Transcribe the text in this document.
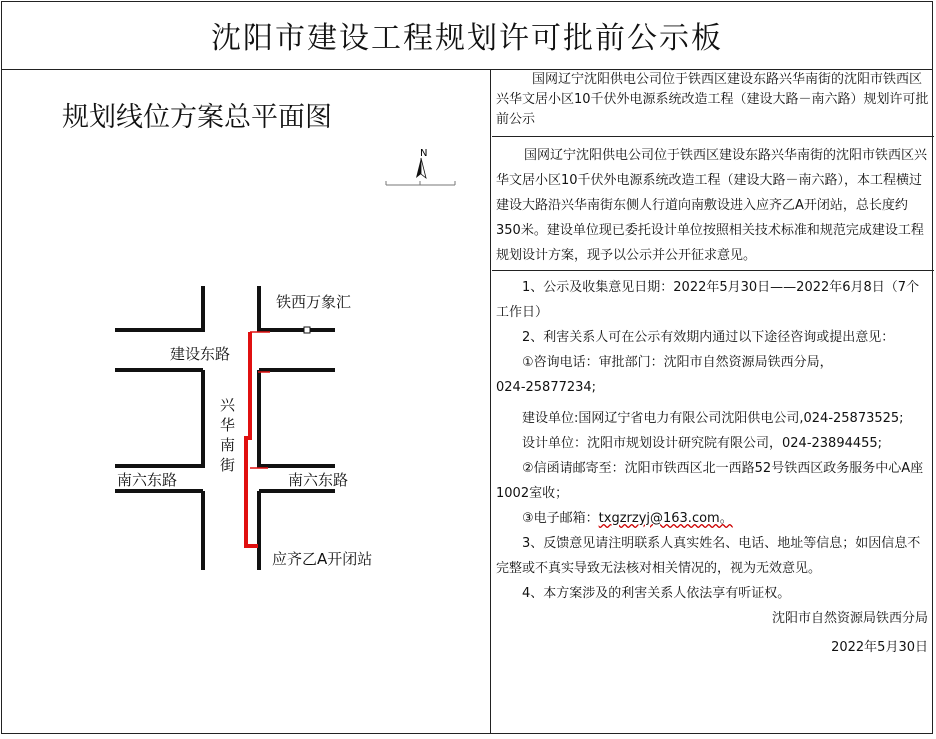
沈阳市建设工程规划许可批前公示板
规划线位方案总平面图
N
铁西万象汇
建设东路
兴
华
南
街
南六东路	南六东路
应齐乙A开闭站

国网辽宁沈阳供电公司位于铁西区建设东路兴华南街的沈阳市铁西区兴华文居小区10千伏外电源系统改造工程（建设大路－南六路）规划许可批前公示

国网辽宁沈阳供电公司位于铁西区建设东路兴华南街的沈阳市铁西区兴华文居小区10千伏外电源系统改造工程（建设大路－南六路），本工程横过建设大路沿兴华南街东侧人行道向南敷设进入应齐乙A开闭站，总长度约350米。建设单位现已委托设计单位按照相关技术标准和规范完成建设工程规划设计方案，现予以公示并公开征求意见。

1、公示及收集意见日期：2022年5月30日——2022年6月8日（7个工作日）

2、利害关系人可在公示有效期内通过以下途径咨询或提出意见：

①咨询电话：审批部门：沈阳市自然资源局铁西分局，

024-25877234;

建设单位:国网辽宁省电力有限公司沈阳供电公司,024-25873525;

设计单位：沈阳市规划设计研究院有限公司，024-23894455;

②信函请邮寄至：沈阳市铁西区北一西路52号铁西区政务服务中心A座1002室收；

③电子邮箱：txgzrzyj@163.com。

3、反馈意见请注明联系人真实姓名、电话、地址等信息；如因信息不完整或不真实导致无法核对相关情况的，视为无效意见。

4、本方案涉及的利害关系人依法享有听证权。

沈阳市自然资源局铁西分局

2022年5月30日
